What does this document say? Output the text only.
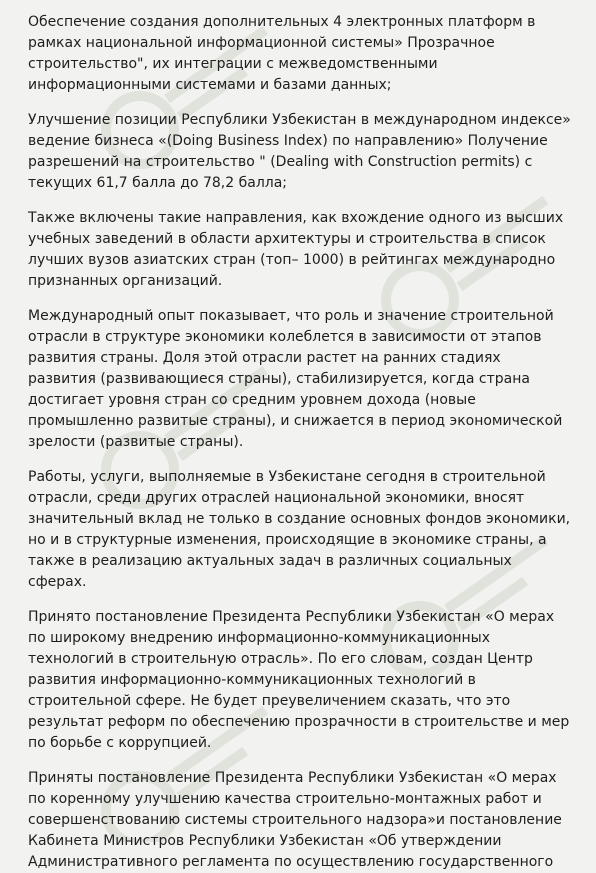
Обеспечение создания дополнительных 4 электронных платформ в рамках национальной информационной системы» Прозрачное строительство", их интеграции с межведомственными информационными системами и базами данных;

Улучшение позиции Республики Узбекистан в международном индексе» ведение бизнеса «(Doing Business Index) по направлению» Получение разрешений на строительство " (Dealing with Construction permits) с текущих 61,7 балла до 78,2 балла;

Также включены такие направления, как вхождение одного из высших учебных заведений в области архитектуры и строительства в список лучших вузов азиатских стран (топ– 1000) в рейтингах международно признанных организаций.

Международный опыт показывает, что роль и значение строительной отрасли в структуре экономики колеблется в зависимости от этапов развития страны. Доля этой отрасли растет на ранних стадиях развития (развивающиеся страны), стабилизируется, когда страна достигает уровня стран со средним уровнем дохода (новые промышленно развитые страны), и снижается в период экономической зрелости (развитые страны).

Работы, услуги, выполняемые в Узбекистане сегодня в строительной отрасли, среди других отраслей национальной экономики, вносят значительный вклад не только в создание основных фондов экономики, но и в структурные изменения, происходящие в экономике страны, а также в реализацию актуальных задач в различных социальных сферах.

Принято постановление Президента Республики Узбекистан «О мерах по широкому внедрению информационно-коммуникационных технологий в строительную отрасль». По его словам, создан Центр развития информационно-коммуникационных технологий в строительной сфере. Не будет преувеличением сказать, что это результат реформ по обеспечению прозрачности в строительстве и мер по борьбе с коррупцией.

Приняты постановление Президента Республики Узбекистан «О мерах по коренному улучшению качества строительно-монтажных работ и совершенствованию системы строительного надзора»и постановление Кабинета Министров Республики Узбекистан «Об утверждении Административного регламента по осуществлению государственного
